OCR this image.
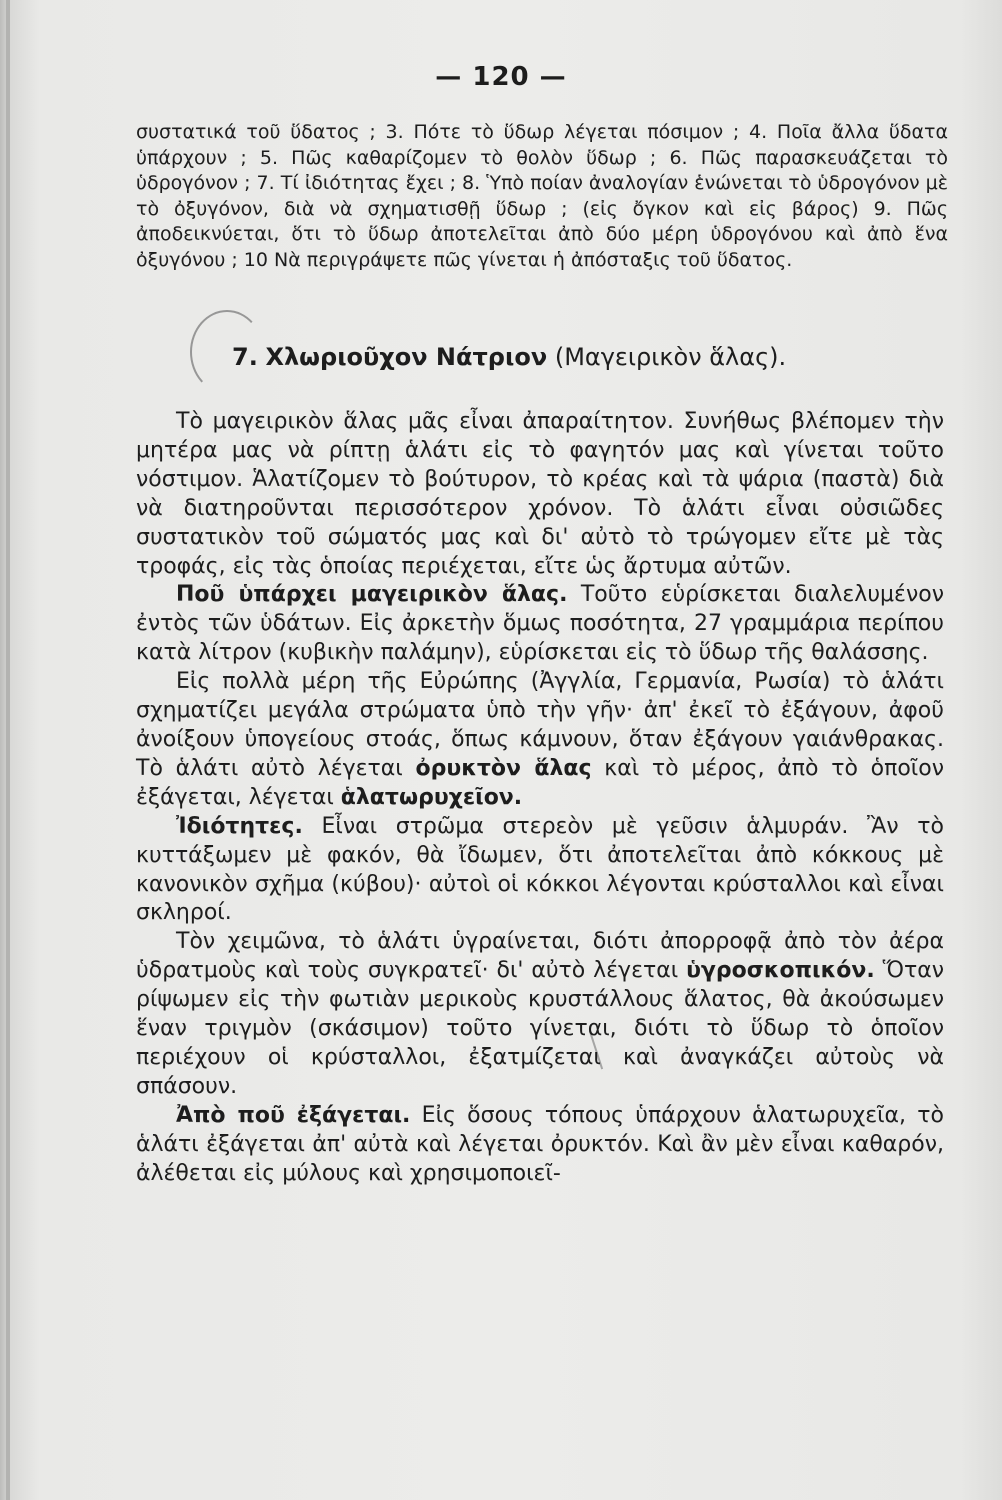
— 120 —
συστατικά τοῦ ὕδατος ; 3. Πότε τὸ ὕδωρ λέγεται πόσιμον ; 4. Ποῖα ἄλλα ὕδατα ὑπάρχουν ; 5. Πῶς καθαρίζομεν τὸ θολὸν ὕδωρ ; 6. Πῶς παρασκευάζεται τὸ ὑδρογόνον ; 7. Τί ἰδιότητας ἔχει ; 8. Ὑπὸ ποίαν ἀναλογίαν ἑνώνεται τὸ ὑδρογόνον μὲ τὸ ὀξυγόνον, διὰ νὰ σχηματισθῇ ὕδωρ ; (εἰς ὄγκον καὶ εἰς βάρος) 9. Πῶς ἀποδεικνύεται, ὅτι τὸ ὕδωρ ἀποτελεῖται ἀπὸ δύο μέρη ὑδρογόνου καὶ ἀπὸ ἕνα ὀξυγόνου ; 10 Νὰ περιγράψετε πῶς γίνεται ἡ ἀπόσταξις τοῦ ὕδατος.
7. Χλωριοῦχον Νάτριον (Μαγειρικὸν ἅλας).

Τὸ μαγειρικὸν ἅλας μᾶς εἶναι ἀπαραίτητον. Συνήθως βλέπομεν τὴν μητέρα μας νὰ ρίπτῃ ἁλάτι εἰς τὸ φαγητόν μας καὶ γίνεται τοῦτο νόστιμον. Ἁλατίζομεν τὸ βούτυρον, τὸ κρέας καὶ τὰ ψάρια (παστὰ) διὰ νὰ διατηροῦνται περισσότερον χρόνον. Τὸ ἁλάτι εἶναι οὐσιῶδες συστατικὸν τοῦ σώματός μας καὶ δι' αὐτὸ τὸ τρώγομεν εἴτε μὲ τὰς τροφάς, εἰς τὰς ὁποίας περιέχεται, εἴτε ὡς ἄρτυμα αὐτῶν.

Ποῦ ὑπάρχει μαγειρικὸν ἅλας. Τοῦτο εὑρίσκεται διαλελυμένον ἐντὸς τῶν ὑδάτων. Εἰς ἀρκετὴν ὅμως ποσότητα, 27 γραμμάρια περίπου κατὰ λίτρον (κυβικὴν παλάμην), εὑρίσκεται εἰς τὸ ὕδωρ τῆς θαλάσσης.

Εἰς πολλὰ μέρη τῆς Εὐρώπης (Ἀγγλία, Γερμανία, Ρωσία) τὸ ἁλάτι σχηματίζει μεγάλα στρώματα ὑπὸ τὴν γῆν· ἀπ' ἐκεῖ τὸ ἐξάγουν, ἀφοῦ ἀνοίξουν ὑπογείους στοάς, ὅπως κάμνουν, ὅταν ἐξάγουν γαιάνθρακας. Τὸ ἁλάτι αὐτὸ λέγεται ὀρυκτὸν ἅλας καὶ τὸ μέρος, ἀπὸ τὸ ὁποῖον ἐξάγεται, λέγεται ἁλατωρυχεῖον.

Ἰδιότητες. Εἶναι στρῶμα στερεὸν μὲ γεῦσιν ἁλμυράν. Ἂν τὸ κυττάξωμεν μὲ φακόν, θὰ ἴδωμεν, ὅτι ἀποτελεῖται ἀπὸ κόκκους μὲ κανονικὸν σχῆμα (κύβου)· αὐτοὶ οἱ κόκκοι λέγονται κρύσταλλοι καὶ εἶναι σκληροί.

Τὸν χειμῶνα, τὸ ἁλάτι ὑγραίνεται, διότι ἀπορροφᾷ ἀπὸ τὸν ἀέρα ὑδρατμοὺς καὶ τοὺς συγκρατεῖ· δι' αὐτὸ λέγεται ὑγροσκοπικόν. Ὅταν ρίψωμεν εἰς τὴν φωτιὰν μερικοὺς κρυστάλλους ἅλατος, θὰ ἀκούσωμεν ἕναν τριγμὸν (σκάσιμον) τοῦτο γίνεται, διότι τὸ ὕδωρ τὸ ὁποῖον περιέχουν οἱ κρύσταλλοι, ἐξατμίζεται καὶ ἀναγκάζει αὐτοὺς νὰ σπάσουν.

Ἀπὸ ποῦ ἐξάγεται. Εἰς ὅσους τόπους ὑπάρχουν ἁλατωρυχεῖα, τὸ ἁλάτι ἐξάγεται ἀπ' αὐτὰ καὶ λέγεται ὀρυκτόν. Καὶ ἂν μὲν εἶναι καθαρόν, ἀλέθεται εἰς μύλους καὶ χρησιμοποιεῖ-
